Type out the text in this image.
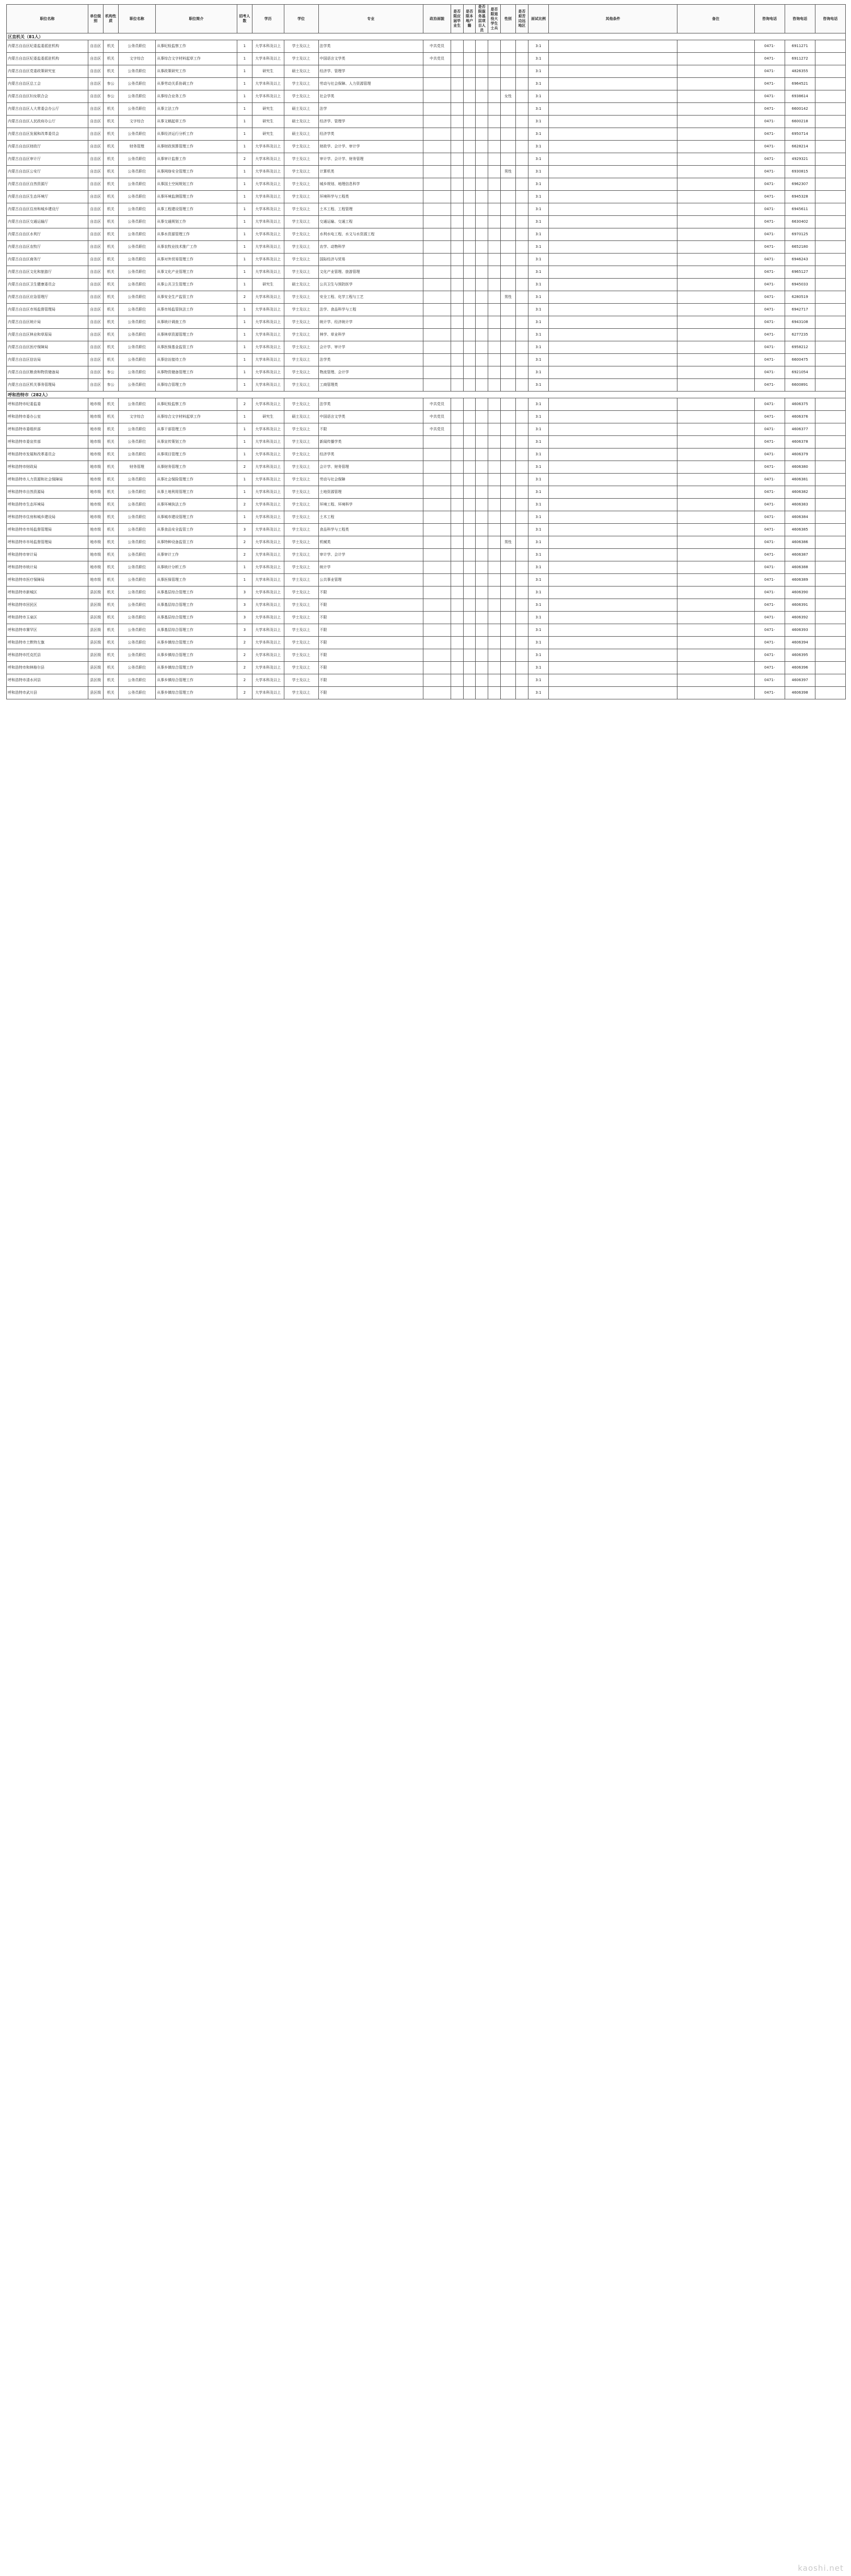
职位名称	单位级别	机构性质	职位名称	职位简介	招考人数	学历	学位	专业	政治面貌	是否限应届毕业生	是否限本地户籍	是否限服务基层项目人员	是否限退役大学生士兵	性别	是否艰苦边远地区	面试比例	其他条件	备注	咨询电话	咨询电话	咨询电话
区直机关（81人）																					
内蒙古自治区纪委监委派驻机构	自治区	机关	公务员职位	从事纪检监察工作	1	大学本科及以上	学士及以上	法学类	中共党员							3:1			0471-	6911271	
内蒙古自治区纪委监委派驻机构	自治区	机关	文字综合	从事综合文字材料起草工作	1	大学本科及以上	学士及以上	中国语言文学类	中共党员							3:1			0471-	6911272	
内蒙古自治区党委政策研究室	自治区	机关	公务员职位	从事政策研究工作	1	研究生	硕士及以上	经济学、管理学								3:1			0471-	4826355	
内蒙古自治区总工会	自治区	参公	公务员职位	从事劳动关系协调工作	1	大学本科及以上	学士及以上	劳动与社会保障、人力资源管理								3:1			0471-	6964521	
内蒙古自治区妇女联合会	自治区	参公	公务员职位	从事综合业务工作	1	大学本科及以上	学士及以上	社会学类						女性		3:1			0471-	6938614	
内蒙古自治区人大常委会办公厅	自治区	机关	公务员职位	从事立法工作	1	研究生	硕士及以上	法学								3:1			0471-	6600142	
内蒙古自治区人民政府办公厅	自治区	机关	文字综合	从事文稿起草工作	1	研究生	硕士及以上	经济学、管理学								3:1			0471-	6600218	
内蒙古自治区发展和改革委员会	自治区	机关	公务员职位	从事经济运行分析工作	1	研究生	硕士及以上	经济学类								3:1			0471-	6950714	
内蒙古自治区财政厅	自治区	机关	财务管理	从事财政预算管理工作	1	大学本科及以上	学士及以上	财政学、会计学、审计学								3:1			0471-	6628214	
内蒙古自治区审计厅	自治区	机关	公务员职位	从事审计监督工作	2	大学本科及以上	学士及以上	审计学、会计学、财务管理								3:1			0471-	4929321	
内蒙古自治区公安厅	自治区	机关	公务员职位	从事网络安全管理工作	1	大学本科及以上	学士及以上	计算机类						男性		3:1			0471-	6930815	
内蒙古自治区自然资源厅	自治区	机关	公务员职位	从事国土空间规划工作	1	大学本科及以上	学士及以上	城乡规划、地理信息科学								3:1			0471-	6962307	
内蒙古自治区生态环境厅	自治区	机关	公务员职位	从事环境监测管理工作	1	大学本科及以上	学士及以上	环境科学与工程类								3:1			0471-	6945328	
内蒙古自治区住房和城乡建设厅	自治区	机关	公务员职位	从事工程建设管理工作	1	大学本科及以上	学士及以上	土木工程、工程管理								3:1			0471-	6945611	
内蒙古自治区交通运输厅	自治区	机关	公务员职位	从事交通规划工作	1	大学本科及以上	学士及以上	交通运输、交通工程								3:1			0471-	6630402	
内蒙古自治区水利厅	自治区	机关	公务员职位	从事水资源管理工作	1	大学本科及以上	学士及以上	水利水电工程、水文与水资源工程								3:1			0471-	6970125	
内蒙古自治区农牧厅	自治区	机关	公务员职位	从事农牧业技术推广工作	1	大学本科及以上	学士及以上	农学、动物科学								3:1			0471-	6652180	
内蒙古自治区商务厅	自治区	机关	公务员职位	从事对外贸易管理工作	1	大学本科及以上	学士及以上	国际经济与贸易								3:1			0471-	6946243	
内蒙古自治区文化和旅游厅	自治区	机关	公务员职位	从事文化产业管理工作	1	大学本科及以上	学士及以上	文化产业管理、旅游管理								3:1			0471-	6965127	
内蒙古自治区卫生健康委员会	自治区	机关	公务员职位	从事公共卫生管理工作	1	研究生	硕士及以上	公共卫生与预防医学								3:1			0471-	6945033	
内蒙古自治区应急管理厅	自治区	机关	公务员职位	从事安全生产监管工作	2	大学本科及以上	学士及以上	安全工程、化学工程与工艺						男性		3:1			0471-	6280519	
内蒙古自治区市场监督管理局	自治区	机关	公务员职位	从事市场监管执法工作	1	大学本科及以上	学士及以上	法学、食品科学与工程								3:1			0471-	6942717	
内蒙古自治区统计局	自治区	机关	公务员职位	从事统计调查工作	1	大学本科及以上	学士及以上	统计学、经济统计学								3:1			0471-	6943108	
内蒙古自治区林业和草原局	自治区	机关	公务员职位	从事林草资源管理工作	1	大学本科及以上	学士及以上	林学、草业科学								3:1			0471-	6277235	
内蒙古自治区医疗保障局	自治区	机关	公务员职位	从事医保基金监管工作	1	大学本科及以上	学士及以上	会计学、审计学								3:1			0471-	6958212	
内蒙古自治区信访局	自治区	机关	公务员职位	从事信访接待工作	1	大学本科及以上	学士及以上	法学类								3:1			0471-	6600475	
内蒙古自治区粮食和物资储备局	自治区	参公	公务员职位	从事物资储备管理工作	1	大学本科及以上	学士及以上	物流管理、会计学								3:1			0471-	6921054	
内蒙古自治区机关事务管理局	自治区	参公	公务员职位	从事综合管理工作	1	大学本科及以上	学士及以上	工商管理类								3:1			0471-	6600891	
呼和浩特市（282人）																					
呼和浩特市纪委监委	地市级	机关	公务员职位	从事纪检监察工作	2	大学本科及以上	学士及以上	法学类	中共党员							3:1			0471-	4606375	
呼和浩特市委办公室	地市级	机关	文字综合	从事综合文字材料起草工作	1	研究生	硕士及以上	中国语言文学类	中共党员							3:1			0471-	4606376	
呼和浩特市委组织部	地市级	机关	公务员职位	从事干部管理工作	1	大学本科及以上	学士及以上	不限	中共党员							3:1			0471-	4606377	
呼和浩特市委宣传部	地市级	机关	公务员职位	从事宣传策划工作	1	大学本科及以上	学士及以上	新闻传播学类								3:1			0471-	4606378	
呼和浩特市发展和改革委员会	地市级	机关	公务员职位	从事项目管理工作	1	大学本科及以上	学士及以上	经济学类								3:1			0471-	4606379	
呼和浩特市财政局	地市级	机关	财务管理	从事财务管理工作	2	大学本科及以上	学士及以上	会计学、财务管理								3:1			0471-	4606380	
呼和浩特市人力资源和社会保障局	地市级	机关	公务员职位	从事社会保险管理工作	1	大学本科及以上	学士及以上	劳动与社会保障								3:1			0471-	4606381	
呼和浩特市自然资源局	地市级	机关	公务员职位	从事土地利用管理工作	1	大学本科及以上	学士及以上	土地资源管理								3:1			0471-	4606382	
呼和浩特市生态环境局	地市级	机关	公务员职位	从事环境执法工作	2	大学本科及以上	学士及以上	环境工程、环境科学								3:1			0471-	4606383	
呼和浩特市住房和城乡建设局	地市级	机关	公务员职位	从事城市建设管理工作	1	大学本科及以上	学士及以上	土木工程								3:1			0471-	4606384	
呼和浩特市市场监督管理局	地市级	机关	公务员职位	从事食品安全监管工作	3	大学本科及以上	学士及以上	食品科学与工程类								3:1			0471-	4606385	
呼和浩特市市场监督管理局	地市级	机关	公务员职位	从事特种设备监管工作	2	大学本科及以上	学士及以上	机械类						男性		3:1			0471-	4606386	
呼和浩特市审计局	地市级	机关	公务员职位	从事审计工作	2	大学本科及以上	学士及以上	审计学、会计学								3:1			0471-	4606387	
呼和浩特市统计局	地市级	机关	公务员职位	从事统计分析工作	1	大学本科及以上	学士及以上	统计学								3:1			0471-	4606388	
呼和浩特市医疗保障局	地市级	机关	公务员职位	从事医保管理工作	1	大学本科及以上	学士及以上	公共事业管理								3:1			0471-	4606389	
呼和浩特市新城区	县区级	机关	公务员职位	从事基层综合管理工作	3	大学本科及以上	学士及以上	不限								3:1			0471-	4606390	
呼和浩特市回民区	县区级	机关	公务员职位	从事基层综合管理工作	3	大学本科及以上	学士及以上	不限								3:1			0471-	4606391	
呼和浩特市玉泉区	县区级	机关	公务员职位	从事基层综合管理工作	3	大学本科及以上	学士及以上	不限								3:1			0471-	4606392	
呼和浩特市赛罕区	县区级	机关	公务员职位	从事基层综合管理工作	3	大学本科及以上	学士及以上	不限								3:1			0471-	4606393	
呼和浩特市土默特左旗	县区级	机关	公务员职位	从事乡镇综合管理工作	2	大学本科及以上	学士及以上	不限								3:1			0471-	4606394	
呼和浩特市托克托县	县区级	机关	公务员职位	从事乡镇综合管理工作	2	大学本科及以上	学士及以上	不限								3:1			0471-	4606395	
呼和浩特市和林格尔县	县区级	机关	公务员职位	从事乡镇综合管理工作	2	大学本科及以上	学士及以上	不限								3:1			0471-	4606396	
呼和浩特市清水河县	县区级	机关	公务员职位	从事乡镇综合管理工作	2	大学本科及以上	学士及以上	不限								3:1			0471-	4606397	
呼和浩特市武川县	县区级	机关	公务员职位	从事乡镇综合管理工作	2	大学本科及以上	学士及以上	不限								3:1			0471-	4606398	
kaoshi.net
